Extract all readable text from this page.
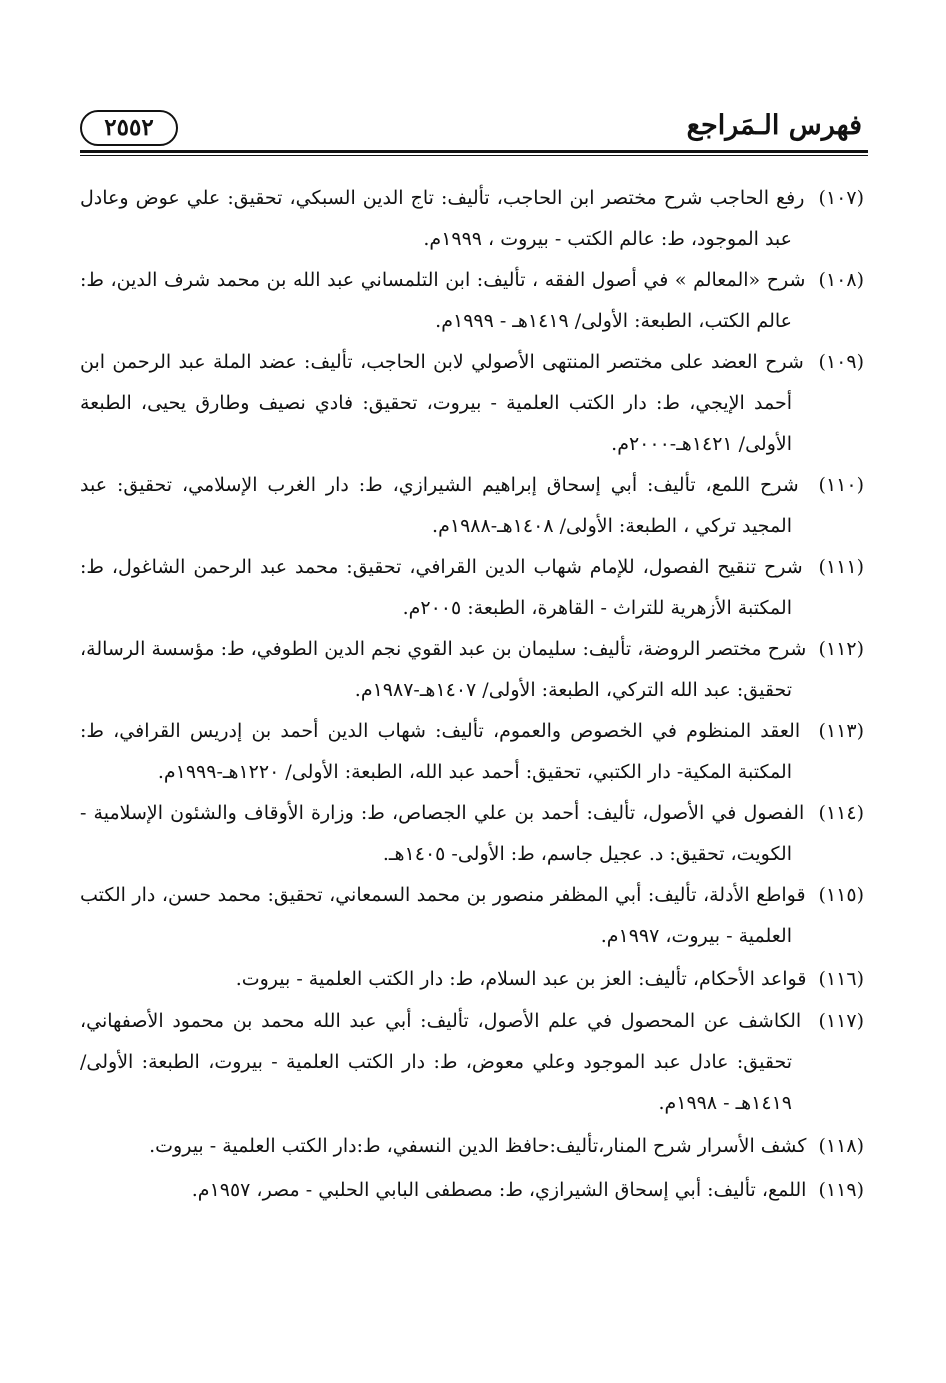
فهرس الـمَراجع
٢٥٥٢
(١٠٧)  رفع الحاجب شرح مختصر ابن الحاجب، تأليف: تاج الدين السبكي، تحقيق: علي عوض وعادل عبد الموجود، ط: عالم الكتب - بيروت ، ١٩٩٩م.
(١٠٨)  شرح «المعالم » في أصول الفقه ، تأليف: ابن التلمساني عبد الله بن محمد شرف الدين، ط: عالم الكتب، الطبعة: الأولى/ ١٤١٩هـ - ١٩٩٩م.
(١٠٩)  شرح العضد على مختصر المنتهى الأصولي لابن الحاجب، تأليف: عضد الملة عبد الرحمن ابن أحمد الإيجي، ط: دار الكتب العلمية - بيروت، تحقيق: فادي نصيف وطارق يحيى، الطبعة الأولى/ ١٤٢١هـ-٢٠٠٠م.
(١١٠)  شرح اللمع، تأليف: أبي إسحاق إبراهيم الشيرازي، ط: دار الغرب الإسلامي، تحقيق: عبد المجيد تركي ، الطبعة: الأولى/ ١٤٠٨هـ-١٩٨٨م.
(١١١)  شرح تنقيح الفصول، للإمام شهاب الدين القرافي، تحقيق: محمد عبد الرحمن الشاغول، ط: المكتبة الأزهرية للتراث - القاهرة، الطبعة: ٢٠٠٥م.
(١١٢)  شرح مختصر الروضة، تأليف: سليمان بن عبد القوي نجم الدين الطوفي، ط: مؤسسة الرسالة، تحقيق: عبد الله التركي، الطبعة: الأولى/ ١٤٠٧هـ-١٩٨٧م.
(١١٣)  العقد المنظوم في الخصوص والعموم، تأليف: شهاب الدين أحمد بن إدريس القرافي، ط: المكتبة المكية- دار الكتبي، تحقيق: أحمد عبد الله، الطبعة: الأولى/ ١٢٢٠هـ-١٩٩٩م.
(١١٤)  الفصول في الأصول، تأليف: أحمد بن علي الجصاص، ط: وزارة الأوقاف والشئون الإسلامية - الكويت، تحقيق: د. عجيل جاسم، ط: الأولى- ١٤٠٥هـ.
(١١٥)  قواطع الأدلة، تأليف: أبي المظفر منصور بن محمد السمعاني، تحقيق: محمد حسن، دار الكتب العلمية - بيروت، ١٩٩٧م.
(١١٦)  قواعد الأحكام، تأليف: العز بن عبد السلام، ط: دار الكتب العلمية - بيروت.
(١١٧)  الكاشف عن المحصول في علم الأصول، تأليف: أبي عبد الله محمد بن محمود الأصفهاني، تحقيق: عادل عبد الموجود وعلي معوض، ط: دار الكتب العلمية - بيروت، الطبعة: الأولى/ ١٤١٩هـ - ١٩٩٨م.
(١١٨)  كشف الأسرار شرح المنار،تأليف:حافظ الدين النسفي، ط:دار الكتب العلمية - بيروت.
(١١٩)  اللمع، تأليف: أبي إسحاق الشيرازي، ط: مصطفى البابي الحلبي - مصر، ١٩٥٧م.
